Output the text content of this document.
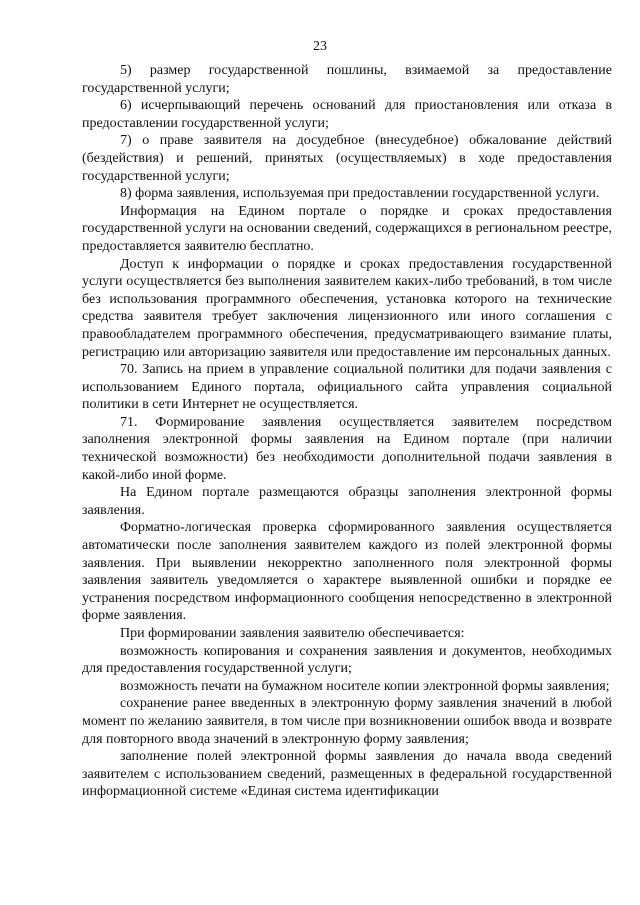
23

5) размер государственной пошлины, взимаемой за предоставление государственной услуги;

6) исчерпывающий перечень оснований для приостановления или отказа в предоставлении государственной услуги;

7) о праве заявителя на досудебное (внесудебное) обжалование действий (бездействия) и решений, принятых (осуществляемых) в ходе предоставления государственной услуги;

8) форма заявления, используемая при предоставлении государственной услуги.

Информация на Едином портале о порядке и сроках предоставления государственной услуги на основании сведений, содержащихся в региональном реестре, предоставляется заявителю бесплатно.

Доступ к информации о порядке и сроках предоставления государственной услуги осуществляется без выполнения заявителем каких-либо требований, в том числе без использования программного обеспечения, установка которого на технические средства заявителя требует заключения лицензионного или иного соглашения с правообладателем программного обеспечения, предусматривающего взимание платы, регистрацию или авторизацию заявителя или предоставление им персональных данных.

70. Запись на прием в управление социальной политики для подачи заявления с использованием Единого портала, официального сайта управления социальной политики в сети Интернет не осуществляется.

71. Формирование заявления осуществляется заявителем посредством заполнения электронной формы заявления на Едином портале (при наличии технической возможности) без необходимости дополнительной подачи заявления в какой-либо иной форме.

На Едином портале размещаются образцы заполнения электронной формы заявления.

Форматно-логическая проверка сформированного заявления осуществляется автоматически после заполнения заявителем каждого из полей электронной формы заявления. При выявлении некорректно заполненного поля электронной формы заявления заявитель уведомляется о характере выявленной ошибки и порядке ее устранения посредством информационного сообщения непосредственно в электронной форме заявления.

При формировании заявления заявителю обеспечивается:

возможность копирования и сохранения заявления и документов, необходимых для предоставления государственной услуги;

возможность печати на бумажном носителе копии электронной формы заявления;

сохранение ранее введенных в электронную форму заявления значений в любой момент по желанию заявителя, в том числе при возникновении ошибок ввода и возврате для повторного ввода значений в электронную форму заявления;

заполнение полей электронной формы заявления до начала ввода сведений заявителем с использованием сведений, размещенных в федеральной государственной информационной системе «Единая система идентификации
